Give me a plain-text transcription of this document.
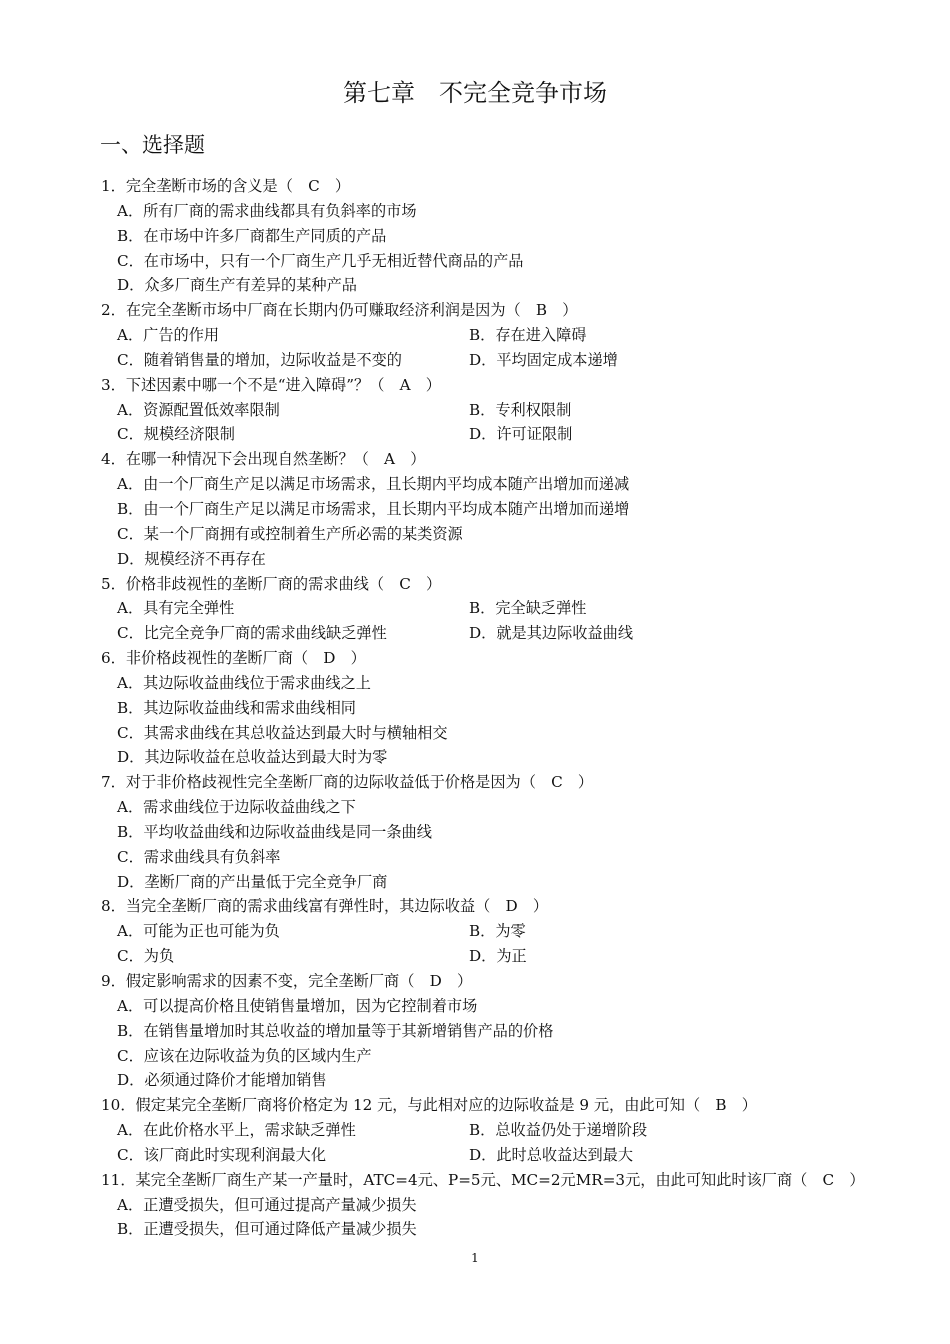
第七章　不完全竞争市场
一、选择题
1．完全垄断市场的含义是（　C　）
A．所有厂商的需求曲线都具有负斜率的市场
B．在市场中许多厂商都生产同质的产品
C．在市场中，只有一个厂商生产几乎无相近替代商品的产品
D．众多厂商生产有差异的某种产品
2．在完全垄断市场中厂商在长期内仍可赚取经济利润是因为（　B　）
A．广告的作用	B．存在进入障碍
C．随着销售量的增加，边际收益是不变的	D．平均固定成本递增
3．下述因素中哪一个不是“进入障碍”？（　A　）
A．资源配置低效率限制	B．专利权限制
C．规模经济限制	D．许可证限制
4．在哪一种情况下会出现自然垄断？（　A　）
A．由一个厂商生产足以满足市场需求，且长期内平均成本随产出增加而递减
B．由一个厂商生产足以满足市场需求，且长期内平均成本随产出增加而递增
C．某一个厂商拥有或控制着生产所必需的某类资源
D．规模经济不再存在
5．价格非歧视性的垄断厂商的需求曲线（　C　）
A．具有完全弹性	B．完全缺乏弹性
C．比完全竞争厂商的需求曲线缺乏弹性	D．就是其边际收益曲线
6．非价格歧视性的垄断厂商（　D　）
A．其边际收益曲线位于需求曲线之上
B．其边际收益曲线和需求曲线相同
C．其需求曲线在其总收益达到最大时与横轴相交
D．其边际收益在总收益达到最大时为零
7．对于非价格歧视性完全垄断厂商的边际收益低于价格是因为（　C　）
A．需求曲线位于边际收益曲线之下
B．平均收益曲线和边际收益曲线是同一条曲线
C．需求曲线具有负斜率
D．垄断厂商的产出量低于完全竞争厂商
8．当完全垄断厂商的需求曲线富有弹性时，其边际收益（　D　）
A．可能为正也可能为负	B．为零
C．为负	D．为正
9．假定影响需求的因素不变，完全垄断厂商（　D　）
A．可以提高价格且使销售量增加，因为它控制着市场
B．在销售量增加时其总收益的增加量等于其新增销售产品的价格
C．应该在边际收益为负的区域内生产
D．必须通过降价才能增加销售
10．假定某完全垄断厂商将价格定为 12 元，与此相对应的边际收益是 9 元，由此可知（　B　）
A．在此价格水平上，需求缺乏弹性	B．总收益仍处于递增阶段
C．该厂商此时实现利润最大化	D．此时总收益达到最大
11．某完全垄断厂商生产某一产量时，ATC=4元、P=5元、MC=2元MR=3元，由此可知此时该厂商（　C　）
A．正遭受损失，但可通过提高产量减少损失
B．正遭受损失，但可通过降低产量减少损失
1
